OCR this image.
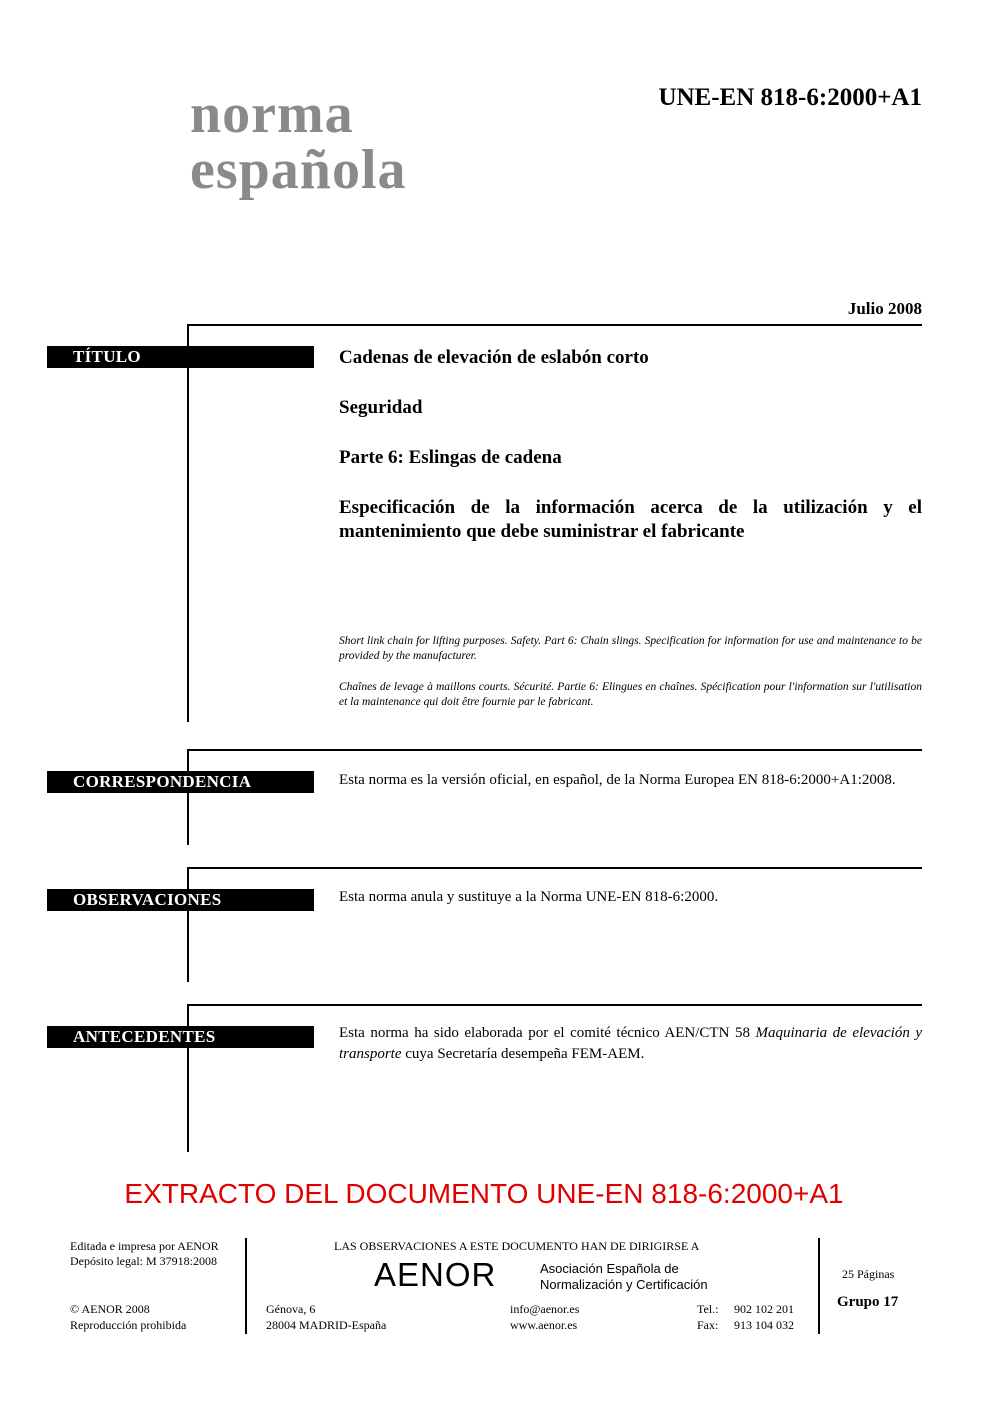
norma
española
UNE-EN 818-6:2000+A1
Julio 2008
TÍTULO	Cadenas de elevación de eslabón corto
Seguridad
Parte 6: Eslingas de cadena
Especificación de la información acerca de la utilización y el mantenimiento que debe suministrar el fabricante
Short link chain for lifting purposes. Safety. Part 6: Chain slings. Specification for information for use and maintenance to be provided by the manufacturer.
Chaînes de levage à maillons courts. Sécurité. Partie 6: Elingues en chaînes. Spécification pour l'information sur l'utilisation et la maintenance qui doit être fournie par le fabricant.
CORRESPONDENCIA	Esta norma es la versión oficial, en español, de la Norma Europea EN 818-6:2000+A1:2008.
OBSERVACIONES	Esta norma anula y sustituye a la Norma UNE-EN 818-6:2000.
ANTECEDENTES	Esta norma ha sido elaborada por el comité técnico AEN/CTN 58 Maquinaria de elevación y transporte cuya Secretaría desempeña FEM-AEM.
EXTRACTO DEL DOCUMENTO UNE-EN 818-6:2000+A1
Editada e impresa por AENOR
Depósito legal: M 37918:2008
© AENOR 2008
Reproducción prohibida
LAS OBSERVACIONES A ESTE DOCUMENTO HAN DE DIRIGIRSE A
AENOR	Asociación Española de
Normalización y Certificación
Génova, 6
28004 MADRID-España
info@aenor.es
www.aenor.es
Tel.: 902 102 201
Fax: 913 104 032
25 Páginas
Grupo 17
